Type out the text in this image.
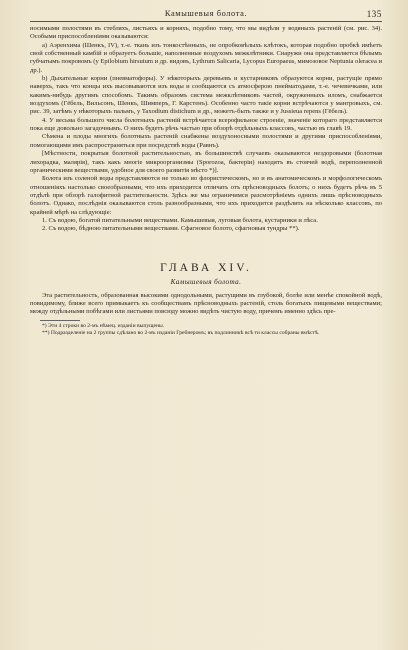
Камышевыя болота.	135

носимыми полостями въ стебляхъ, листьяхъ и корняхъ, подобно тому, что мы видѣли у водяныхъ растеній (см. рис. 34). Особыми приспособленіями оказываются:

а) Аэренхима (Шенкъ, IV), т.-е. ткань изъ тонкостѣнныхъ, не опробковѣлыхъ клѣтокъ, которая подобно пробкѣ имѣетъ свой собственный камбій и образуетъ большіе, наполненные воздухомъ межклѣтники. Снаружи она представляется бѣлымъ губчатымъ покровомъ (у Epilobium hirsutum и др. видовъ, Lythrum Salicaria, Lycopus Europaeus, мимозовое Neptunia oleracea и др.).

b) Дыхательные корни (пневматофоры). У нѣкоторыхъ деревьевъ и кустарниковъ образуются корни, растущіе прямо наверхъ, такъ что концы ихъ высовываются изъ воды и сообщаются съ атмосферою пнейматодами, т.-е. чечевичками, или какимъ-нибудь другимъ способомъ. Такимъ образомъ система межклѣтниковъ частей, окруженныхъ иломъ, снабжается воздухомъ (Гёбель, Вильсонъ, Шенкъ, Шимперъ, Г. Карстенъ). Особенно часто такіе корни встрѣчаются у мангровыхъ, см. рис. 39, затѣмъ у нѣкоторыхъ пальмъ, у Taxodium distichum и др., можетъ-быть также и у Jussieua repens (Гёбель).

4. У весьма большого числа болотныхъ растеній встрѣчается всерофильное строеніе, значеніе котораго представляется пока еще довольно загадочнымъ. О нихъ будетъ рѣчь частью при обзорѣ отдѣльныхъ классовъ, частью въ главѣ 19.

Сѣмена и плоды многихъ болотныхъ растеній снабжены воздухоносными полостями и другими приспособленіями, помогающими имъ распространяться при посредствѣ воды (Равнъ).

[Мѣстности, покрытыя болотной растительностью, въ большинствѣ случаевъ оказываются нездоровыми (болотная лихорадка, малярія), такъ какъ многіе микроорганизмы (Sporozoa, бактеріи) находятъ въ стоячей водѣ, переполненной органическими веществами, удобное для своего развитія мѣсто *)].

Болота изъ соленой воды представляются не только во флористическомъ, но и въ анатомическомъ и морфологическомъ отношеніяхъ настолько своеобразными, что ихъ приходится отличать отъ прѣсноводныхъ болотъ; о нихъ будетъ рѣчь въ 5 отдѣлѣ при обзорѣ галофитной растительности. Здѣсь же мы ограничимся разсмотрѣніемъ однихъ лишь прѣсноводныхъ болотъ. Однако, послѣднія оказываются столь разнообразными, что ихъ приходится раздѣлить на нѣсколько классовъ, по крайней мѣрѣ на слѣдующіе:

1. Съ водою, богатой питательными веществами. Камышевыя, луговыя болота, кустарники и лѣса.

2. Съ водою, бѣдною питательными веществами. Сфагновое болото, сфагновыя тундры **).

ГЛАВА XIV.
Камышевыя болота.

Эта растительность, образованная высокими однодольными, растущими въ глубокой, болѣе или менѣе спокойной водѣ, повидимому, ближе всего примыкаетъ къ сообществамъ прѣсноводныхъ растеній, столь богатыхъ пищевыми веществами; между отдѣльными побѣгами или листьями повсюду можно видѣть чистую воду, причемъ именно здѣсь пре-

*) Эти 4 строки во 2-мъ нѣмец. изданіи выпущены.

**) Подразделеніе на 2 группы сдѣлано во 2-мъ изданіи Гребнеромъ; въ подлинникѣ всѣ ти классы собраны вмѣстѣ.
